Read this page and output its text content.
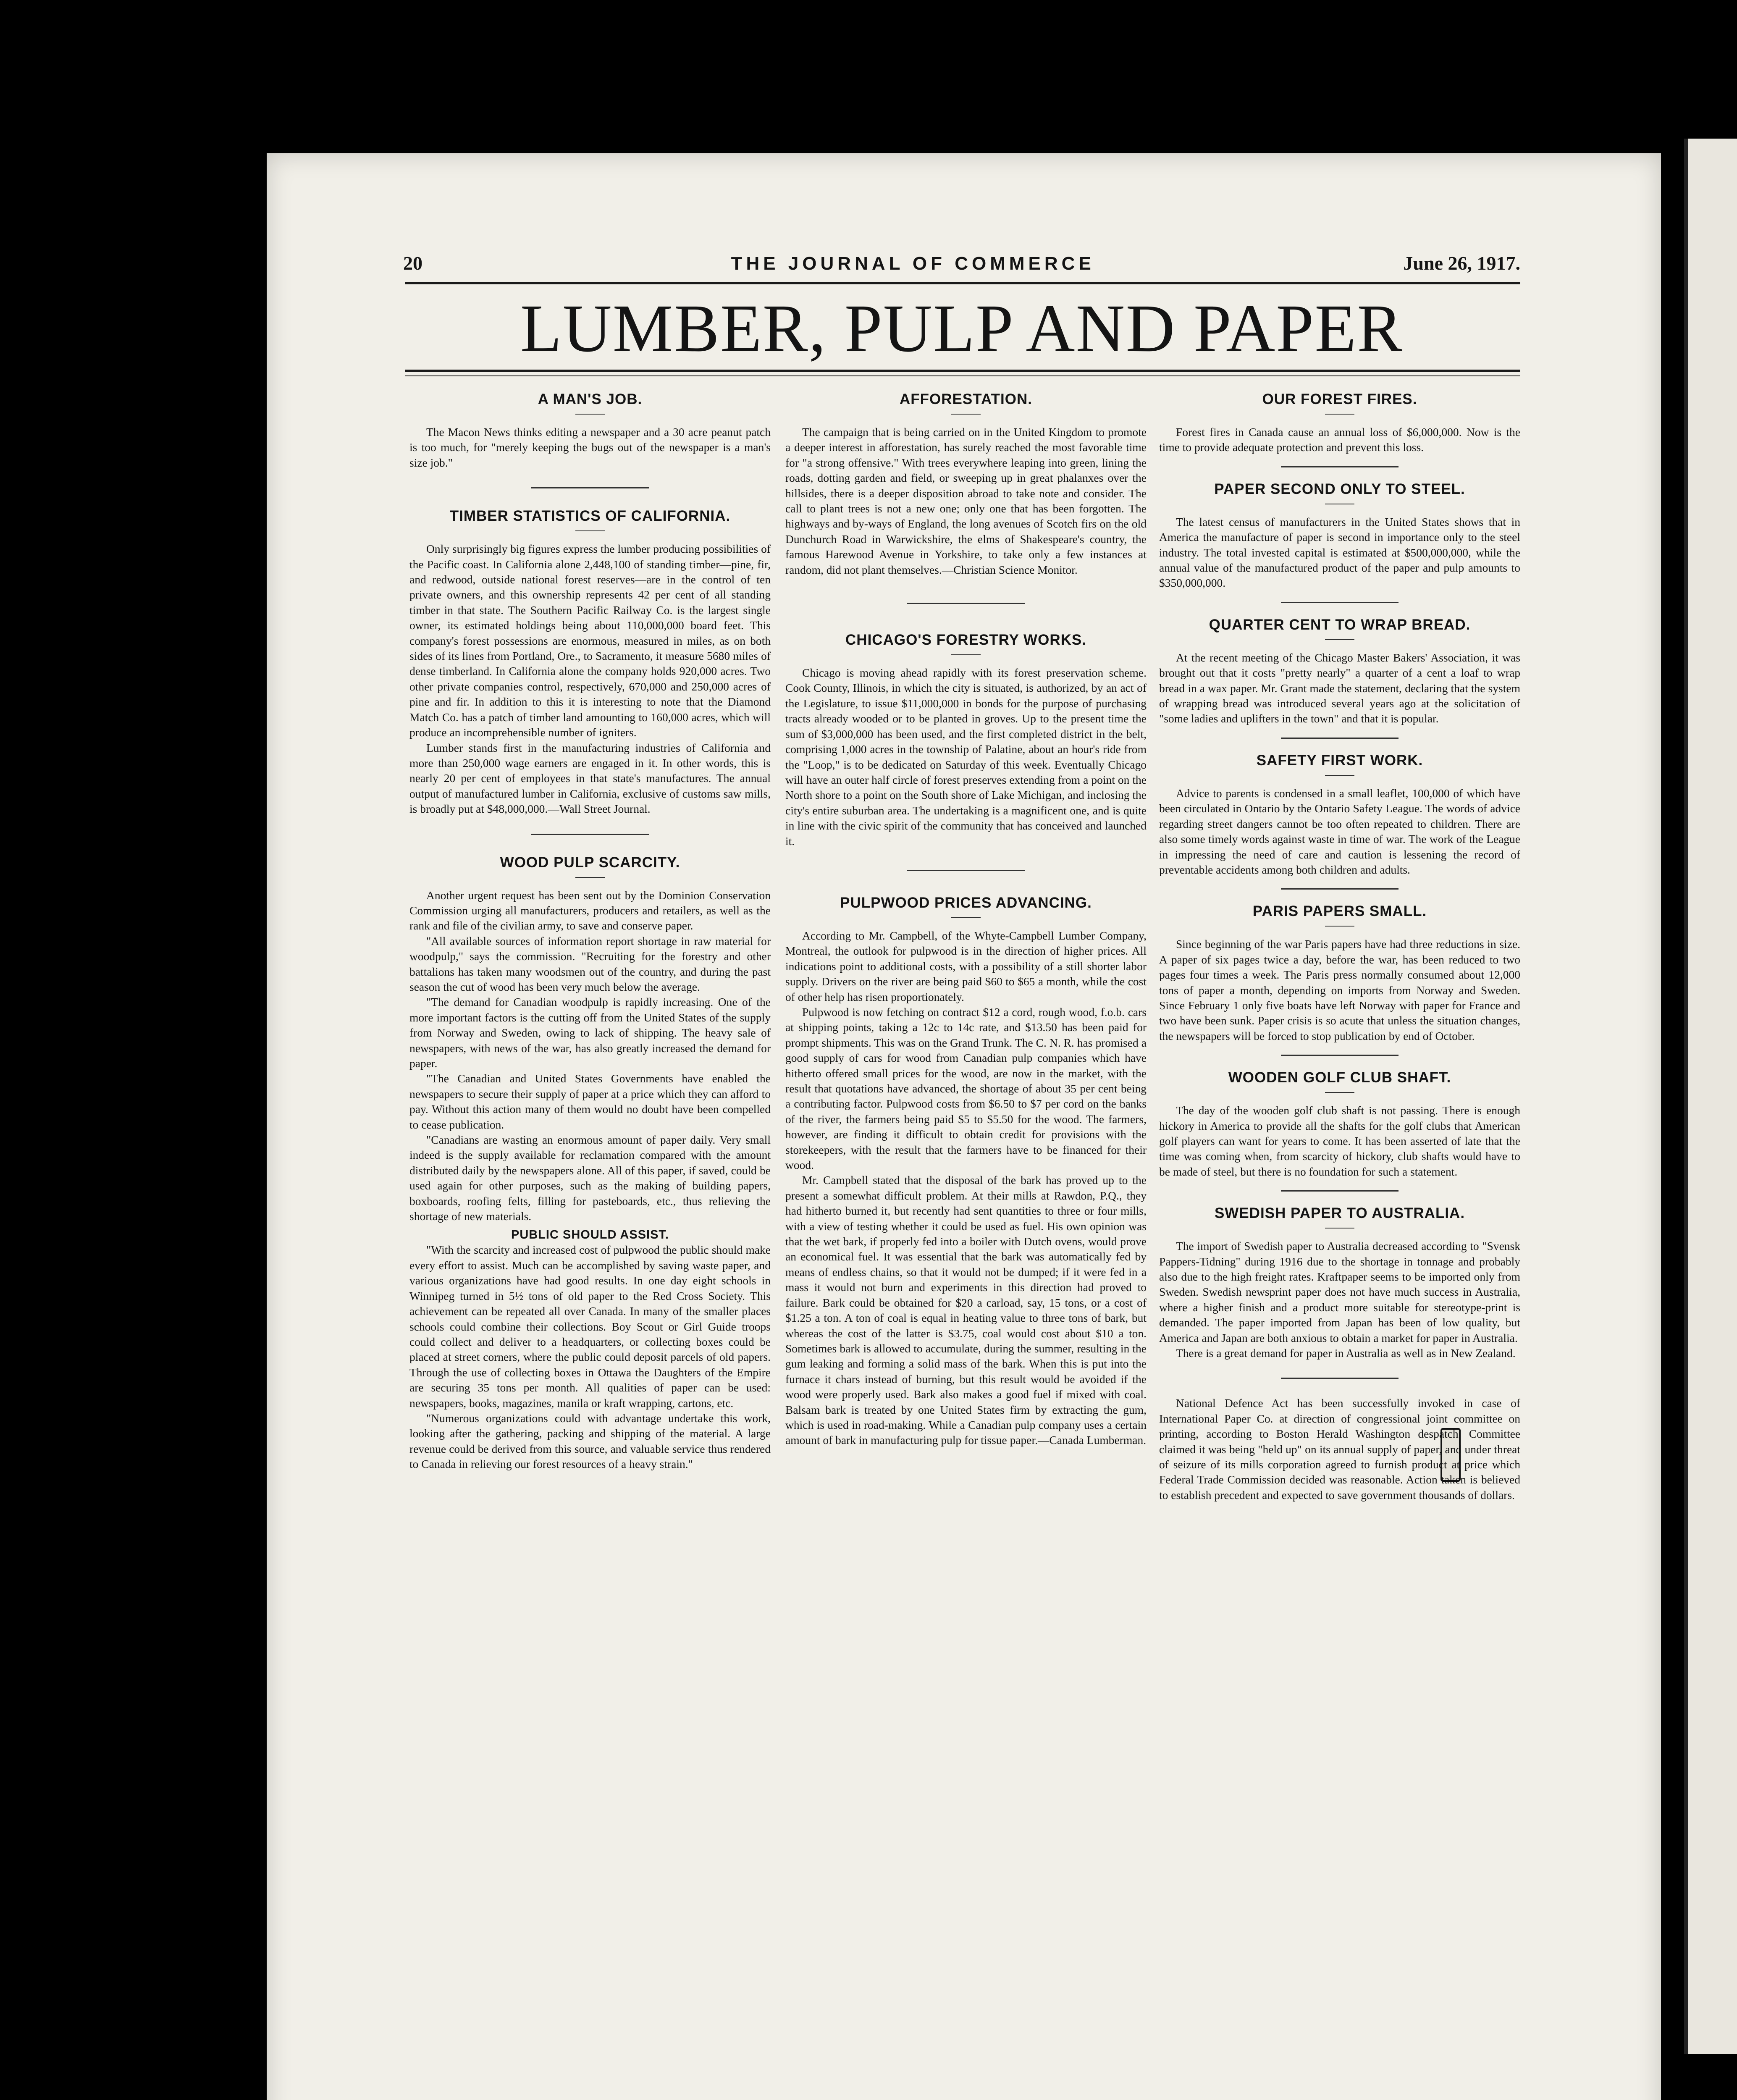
20	THE JOURNAL OF COMMERCE	June 26, 1917.
LUMBER, PULP AND PAPER
A MAN'S JOB.

The Macon News thinks editing a newspaper and a 30 acre peanut patch is too much, for "merely keeping the bugs out of the newspaper is a man's size job."

TIMBER STATISTICS OF CALIFORNIA.

Only surprisingly big figures express the lumber producing possibilities of the Pacific coast. In California alone 2,448,100 of standing timber—pine, fir, and redwood, outside national forest reserves—are in the control of ten private owners, and this ownership represents 42 per cent of all standing timber in that state. The Southern Pacific Railway Co. is the largest single owner, its estimated holdings being about 110,000,000 board feet. This company's forest possessions are enormous, measured in miles, as on both sides of its lines from Portland, Ore., to Sacramento, it measure 5680 miles of dense timberland. In California alone the company holds 920,000 acres. Two other private companies control, respectively, 670,000 and 250,000 acres of pine and fir. In addition to this it is interesting to note that the Diamond Match Co. has a patch of timber land amounting to 160,000 acres, which will produce an incomprehensible number of igniters.

Lumber stands first in the manufacturing industries of California and more than 250,000 wage earners are engaged in it. In other words, this is nearly 20 per cent of employees in that state's manufactures. The annual output of manufactured lumber in California, exclusive of customs saw mills, is broadly put at $48,000,000.—Wall Street Journal.

WOOD PULP SCARCITY.

Another urgent request has been sent out by the Dominion Conservation Commission urging all manufacturers, producers and retailers, as well as the rank and file of the civilian army, to save and conserve paper.

"All available sources of information report shortage in raw material for woodpulp," says the commission. "Recruiting for the forestry and other battalions has taken many woodsmen out of the country, and during the past season the cut of wood has been very much below the average.

"The demand for Canadian woodpulp is rapidly increasing. One of the more important factors is the cutting off from the United States of the supply from Norway and Sweden, owing to lack of shipping. The heavy sale of newspapers, with news of the war, has also greatly increased the demand for paper.

"The Canadian and United States Governments have enabled the newspapers to secure their supply of paper at a price which they can afford to pay. Without this action many of them would no doubt have been compelled to cease publication.

"Canadians are wasting an enormous amount of paper daily. Very small indeed is the supply available for reclamation compared with the amount distributed daily by the newspapers alone. All of this paper, if saved, could be used again for other purposes, such as the making of building papers, boxboards, roofing felts, filling for pasteboards, etc., thus relieving the shortage of new materials.

PUBLIC SHOULD ASSIST.

"With the scarcity and increased cost of pulpwood the public should make every effort to assist. Much can be accomplished by saving waste paper, and various organizations have had good results. In one day eight schools in Winnipeg turned in 5½ tons of old paper to the Red Cross Society. This achievement can be repeated all over Canada. In many of the smaller places schools could combine their collections. Boy Scout or Girl Guide troops could collect and deliver to a headquarters, or collecting boxes could be placed at street corners, where the public could deposit parcels of old papers. Through the use of collecting boxes in Ottawa the Daughters of the Empire are securing 35 tons per month. All qualities of paper can be used: newspapers, books, magazines, manila or kraft wrapping, cartons, etc.

"Numerous organizations could with advantage undertake this work, looking after the gathering, packing and shipping of the material. A large revenue could be derived from this source, and valuable service thus rendered to Canada in relieving our forest resources of a heavy strain."

AFFORESTATION.

The campaign that is being carried on in the United Kingdom to promote a deeper interest in afforestation, has surely reached the most favorable time for "a strong offensive." With trees everywhere leaping into green, lining the roads, dotting garden and field, or sweeping up in great phalanxes over the hillsides, there is a deeper disposition abroad to take note and consider. The call to plant trees is not a new one; only one that has been forgotten. The highways and by-ways of England, the long avenues of Scotch firs on the old Dunchurch Road in Warwickshire, the elms of Shakespeare's country, the famous Harewood Avenue in Yorkshire, to take only a few instances at random, did not plant themselves.—Christian Science Monitor.

CHICAGO'S FORESTRY WORKS.

Chicago is moving ahead rapidly with its forest preservation scheme. Cook County, Illinois, in which the city is situated, is authorized, by an act of the Legislature, to issue $11,000,000 in bonds for the purpose of purchasing tracts already wooded or to be planted in groves. Up to the present time the sum of $3,000,000 has been used, and the first completed district in the belt, comprising 1,000 acres in the township of Palatine, about an hour's ride from the "Loop," is to be dedicated on Saturday of this week. Eventually Chicago will have an outer half circle of forest preserves extending from a point on the North shore to a point on the South shore of Lake Michigan, and inclosing the city's entire suburban area. The undertaking is a magnificent one, and is quite in line with the civic spirit of the community that has conceived and launched it.

PULPWOOD PRICES ADVANCING.

According to Mr. Campbell, of the Whyte-Campbell Lumber Company, Montreal, the outlook for pulpwood is in the direction of higher prices. All indications point to additional costs, with a possibility of a still shorter labor supply. Drivers on the river are being paid $60 to $65 a month, while the cost of other help has risen proportionately.

Pulpwood is now fetching on contract $12 a cord, rough wood, f.o.b. cars at shipping points, taking a 12c to 14c rate, and $13.50 has been paid for prompt shipments. This was on the Grand Trunk. The C. N. R. has promised a good supply of cars for wood from Canadian pulp companies which have hitherto offered small prices for the wood, are now in the market, with the result that quotations have advanced, the shortage of about 35 per cent being a contributing factor. Pulpwood costs from $6.50 to $7 per cord on the banks of the river, the farmers being paid $5 to $5.50 for the wood. The farmers, however, are finding it difficult to obtain credit for provisions with the storekeepers, with the result that the farmers have to be financed for their wood.

Mr. Campbell stated that the disposal of the bark has proved up to the present a somewhat difficult problem. At their mills at Rawdon, P.Q., they had hitherto burned it, but recently had sent quantities to three or four mills, with a view of testing whether it could be used as fuel. His own opinion was that the wet bark, if properly fed into a boiler with Dutch ovens, would prove an economical fuel. It was essential that the bark was automatically fed by means of endless chains, so that it would not be dumped; if it were fed in a mass it would not burn and experiments in this direction had proved to failure. Bark could be obtained for $20 a carload, say, 15 tons, or a cost of $1.25 a ton. A ton of coal is equal in heating value to three tons of bark, but whereas the cost of the latter is $3.75, coal would cost about $10 a ton. Sometimes bark is allowed to accumulate, during the summer, resulting in the gum leaking and forming a solid mass of the bark. When this is put into the furnace it chars instead of burning, but this result would be avoided if the wood were properly used. Bark also makes a good fuel if mixed with coal. Balsam bark is treated by one United States firm by extracting the gum, which is used in road-making. While a Canadian pulp company uses a certain amount of bark in manufacturing pulp for tissue paper.—Canada Lumberman.

OUR FOREST FIRES.

Forest fires in Canada cause an annual loss of $6,000,000. Now is the time to provide adequate protection and prevent this loss.

PAPER SECOND ONLY TO STEEL.

The latest census of manufacturers in the United States shows that in America the manufacture of paper is second in importance only to the steel industry. The total invested capital is estimated at $500,000,000, while the annual value of the manufactured product of the paper and pulp amounts to $350,000,000.

QUARTER CENT TO WRAP BREAD.

At the recent meeting of the Chicago Master Bakers' Association, it was brought out that it costs "pretty nearly" a quarter of a cent a loaf to wrap bread in a wax paper. Mr. Grant made the statement, declaring that the system of wrapping bread was introduced several years ago at the solicitation of "some ladies and uplifters in the town" and that it is popular.

SAFETY FIRST WORK.

Advice to parents is condensed in a small leaflet, 100,000 of which have been circulated in Ontario by the Ontario Safety League. The words of advice regarding street dangers cannot be too often repeated to children. There are also some timely words against waste in time of war. The work of the League in impressing the need of care and caution is lessening the record of preventable accidents among both children and adults.

PARIS PAPERS SMALL.

Since beginning of the war Paris papers have had three reductions in size. A paper of six pages twice a day, before the war, has been reduced to two pages four times a week. The Paris press normally consumed about 12,000 tons of paper a month, depending on imports from Norway and Sweden. Since February 1 only five boats have left Norway with paper for France and two have been sunk. Paper crisis is so acute that unless the situation changes, the newspapers will be forced to stop publication by end of October.

WOODEN GOLF CLUB SHAFT.

The day of the wooden golf club shaft is not passing. There is enough hickory in America to provide all the shafts for the golf clubs that American golf players can want for years to come. It has been asserted of late that the time was coming when, from scarcity of hickory, club shafts would have to be made of steel, but there is no foundation for such a statement.

SWEDISH PAPER TO AUSTRALIA.

The import of Swedish paper to Australia decreased according to "Svensk Pappers-Tidning" during 1916 due to the shortage in tonnage and probably also due to the high freight rates. Kraftpaper seems to be imported only from Sweden. Swedish newsprint paper does not have much success in Australia, where a higher finish and a product more suitable for stereotype-print is demanded. The paper imported from Japan has been of low quality, but America and Japan are both anxious to obtain a market for paper in Australia.

There is a great demand for paper in Australia as well as in New Zealand.

National Defence Act has been successfully invoked in case of International Paper Co. at direction of congressional joint committee on printing, according to Boston Herald Washington despatch. Committee claimed it was being "held up" on its annual supply of paper, and under threat of seizure of its mills corporation agreed to furnish product at price which Federal Trade Commission decided was reasonable. Action taken is believed to establish precedent and expected to save government thousands of dollars.
